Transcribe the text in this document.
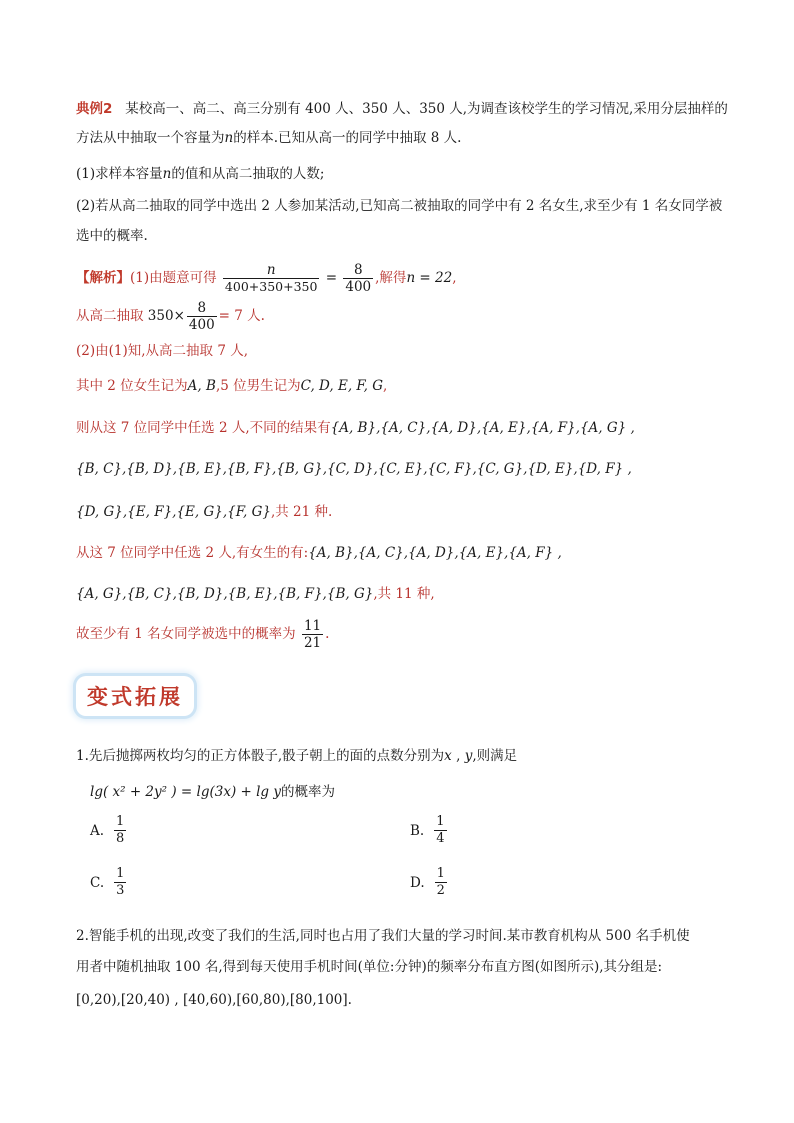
典例2 某校高一、高二、高三分别有 400 人、350 人、350 人,为调查该校学生的学习情况,采用分层抽样的
方法从中抽取一个容量为n的样本.已知从高一的同学中抽取 8 人.
(1)求样本容量n的值和从高二抽取的人数;
(2)若从高二抽取的同学中选出 2 人参加某活动,已知高二被抽取的同学中有 2 名女生,求至少有 1 名女同学被
选中的概率.
【解析】(1)由题意可得 $\frac{n}{400+350+350} = \frac{8}{400}$ ,解得n = 22,
从高二抽取 $350\times \frac{8}{400} = 7$ 人.
(2)由(1)知,从高二抽取 7 人,
其中 2 位女生记为A, B,5 位男生记为C, D, E, F, G,
则从这 7 位同学中任选 2 人,不同的结果有{A, B},{A, C},{A, D},{A, E},{A, F},{A, G} ,
{B, C},{B, D},{B, E},{B, F},{B, G},{C, D},{C, E},{C, F},{C, G},{D, E},{D, F} ,
{D, G},{E, F},{E, G},{F, G},共 21 种.
从这 7 位同学中任选 2 人,有女生的有:{A, B},{A, C},{A, D},{A, E},{A, F} ,
{A, G},{B, C},{B, D},{B, E},{B, F},{B, G},共 11 种,
故至少有 1 名女同学被选中的概率为 $\frac{11}{21}$ .
变式拓展
1.先后抛掷两枚均匀的正方体骰子,骰子朝上的面的点数分别为x , y,则满足
lg( x² + 2y² ) = lg(3x) + lg y的概率为
A. $\frac{1}{8}$	B. $\frac{1}{4}$
C. $\frac{1}{3}$	D. $\frac{1}{2}$
2.智能手机的出现,改变了我们的生活,同时也占用了我们大量的学习时间.某市教育机构从 500 名手机使
用者中随机抽取 100 名,得到每天使用手机时间(单位:分钟)的频率分布直方图(如图所示),其分组是:
[0,20),[20,40) , [40,60),[60,80),[80,100].
